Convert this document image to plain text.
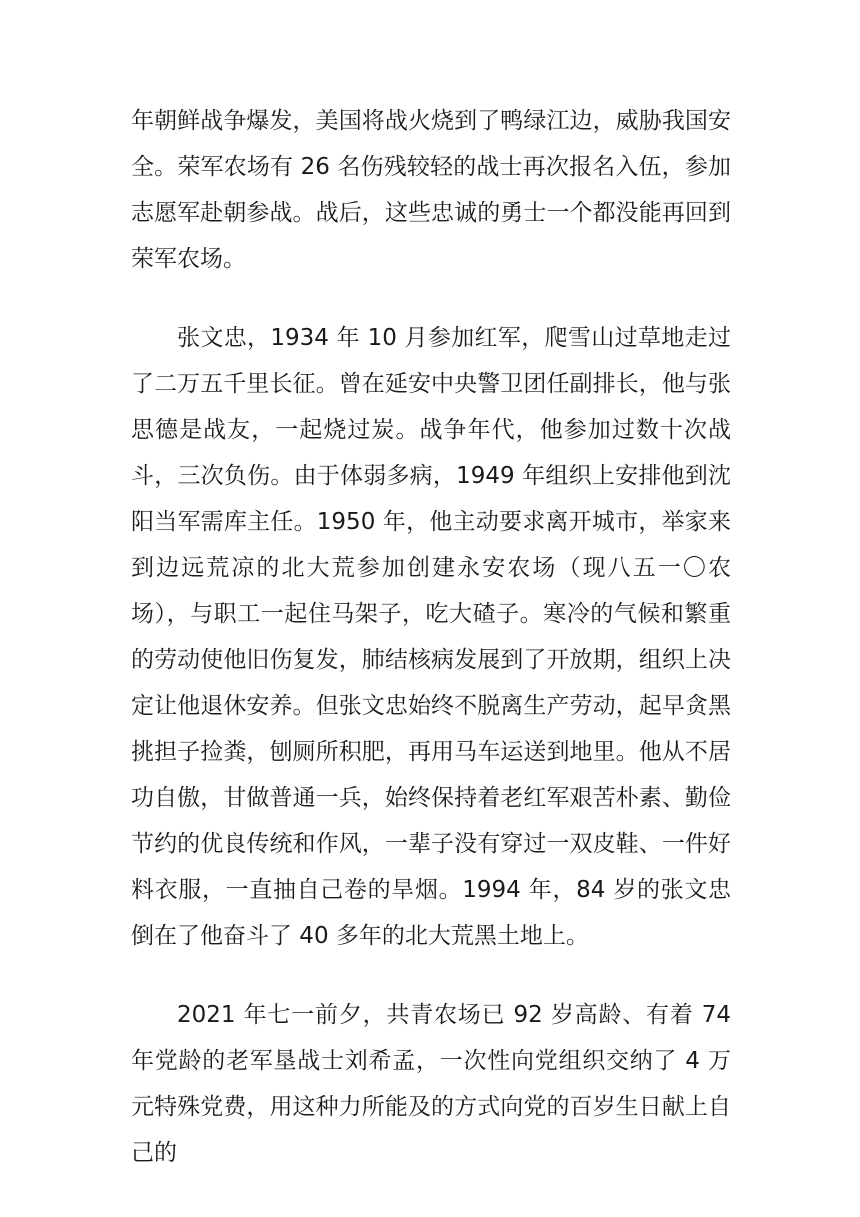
年朝鲜战争爆发，美国将战火烧到了鸭绿江边，威胁我国安全。荣军农场有 26 名伤残较轻的战士再次报名入伍，参加志愿军赴朝参战。战后，这些忠诚的勇士一个都没能再回到荣军农场。

张文忠，1934 年 10 月参加红军，爬雪山过草地走过了二万五千里长征。曾在延安中央警卫团任副排长，他与张思德是战友，一起烧过炭。战争年代，他参加过数十次战斗，三次负伤。由于体弱多病，1949 年组织上安排他到沈阳当军需库主任。1950 年，他主动要求离开城市，举家来到边远荒凉的北大荒参加创建永安农场（现八五一〇农场），与职工一起住马架子，吃大碴子。寒冷的气候和繁重的劳动使他旧伤复发，肺结核病发展到了开放期，组织上决定让他退休安养。但张文忠始终不脱离生产劳动，起早贪黑挑担子捡粪，刨厕所积肥，再用马车运送到地里。他从不居功自傲，甘做普通一兵，始终保持着老红军艰苦朴素、勤俭节约的优良传统和作风，一辈子没有穿过一双皮鞋、一件好料衣服，一直抽自己卷的旱烟。1994 年，84 岁的张文忠倒在了他奋斗了 40 多年的北大荒黑土地上。

2021 年七一前夕，共青农场已 92 岁高龄、有着 74 年党龄的老军垦战士刘希孟，一次性向党组织交纳了 4 万元特殊党费，用这种力所能及的方式向党的百岁生日献上自己的
